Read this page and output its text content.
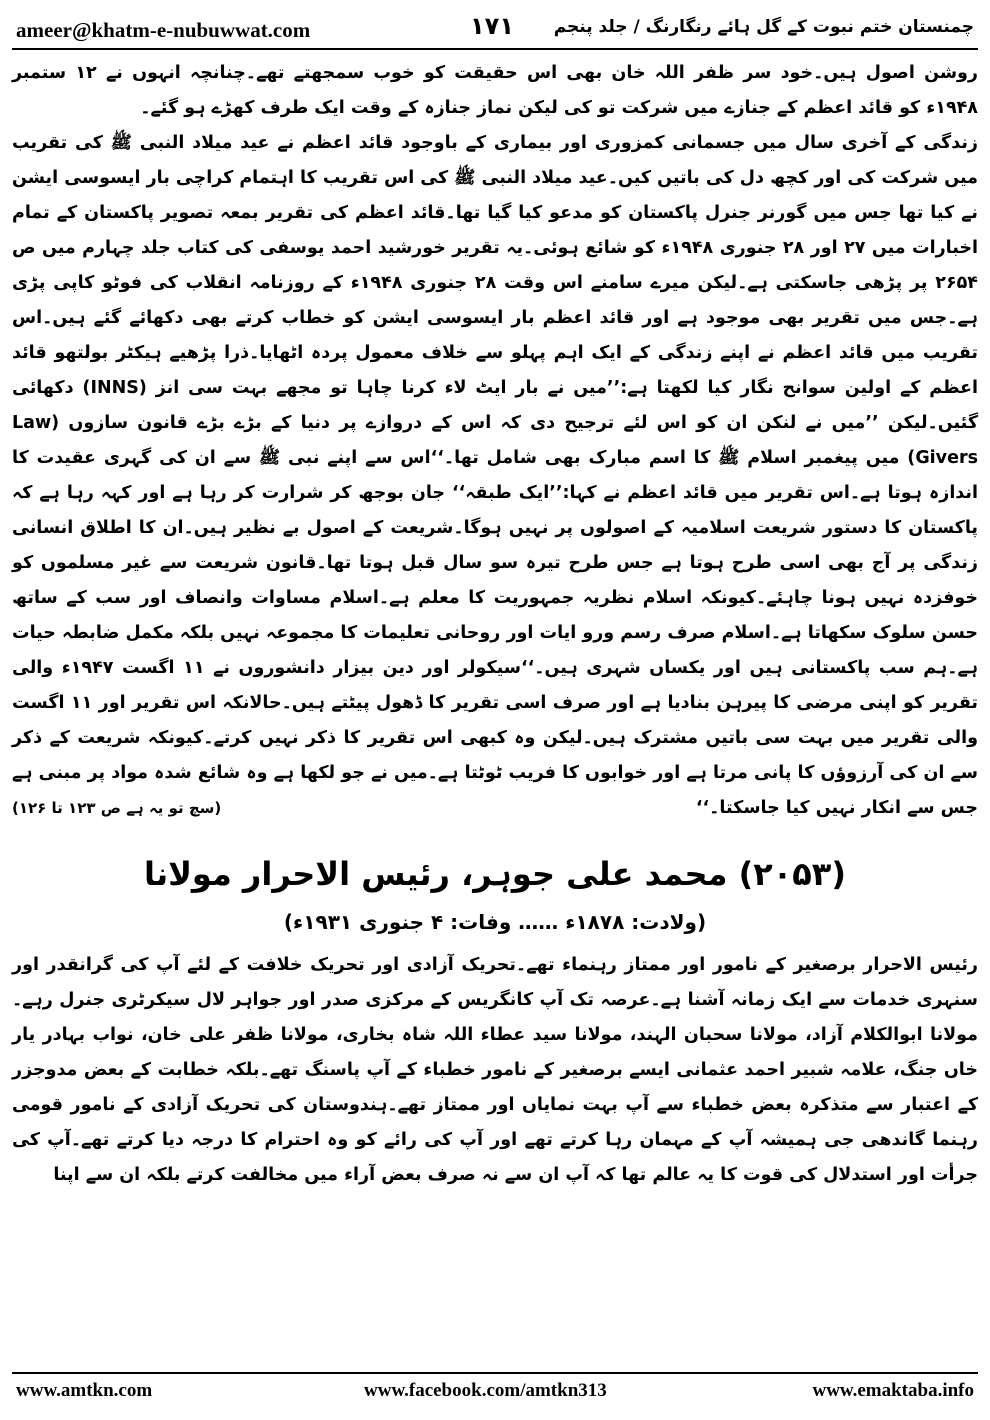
ameer@khatm-e-nubuwwat.com	۱۷۱	چمنستان ختم نبوت کے گل ہائے رنگارنگ / جلد پنجم

روشن اصول ہیں۔خود سر ظفر اللہ خان بھی اس حقیقت کو خوب سمجھتے تھے۔چنانچہ انہوں نے ۱۲ ستمبر ۱۹۴۸ء کو قائد اعظم کے جنازے میں شرکت تو کی لیکن نماز جنازہ کے وقت ایک طرف کھڑے ہو گئے۔

زندگی کے آخری سال میں جسمانی کمزوری اور بیماری کے باوجود قائد اعظم نے عید میلاد النبی ﷺ کی تقریب میں شرکت کی اور کچھ دل کی باتیں کیں۔عید میلاد النبی ﷺ کی اس تقریب کا اہتمام کراچی بار ایسوسی ایشن نے کیا تھا جس میں گورنر جنرل پاکستان کو مدعو کیا گیا تھا۔قائد اعظم کی تقریر بمعہ تصویر پاکستان کے تمام اخبارات میں ۲۷ اور ۲۸ جنوری ۱۹۴۸ء کو شائع ہوئی۔یہ تقریر خورشید احمد یوسفی کی کتاب جلد چہارم میں ص ۲۶۵۴ پر پڑھی جاسکتی ہے۔لیکن میرے سامنے اس وقت ۲۸ جنوری ۱۹۴۸ء کے روزنامہ انقلاب کی فوٹو کاپی پڑی ہے۔جس میں تقریر بھی موجود ہے اور قائد اعظم بار ایسوسی ایشن کو خطاب کرتے بھی دکھائے گئے ہیں۔اس تقریب میں قائد اعظم نے اپنے زندگی کے ایک اہم پہلو سے خلاف معمول پردہ اٹھایا۔ذرا پڑھیے ہیکٹر بولتھو قائد اعظم کے اولین سوانح نگار کیا لکھتا ہے:’’میں نے بار ایٹ لاء کرنا چاہا تو مجھے بہت سی انز (INNS) دکھائی گئیں۔لیکن ’’میں نے لنکن ان کو اس لئے ترجیح دی کہ اس کے دروازے پر دنیا کے بڑے بڑے قانون سازوں (Law Givers) میں پیغمبر اسلام ﷺ کا اسم مبارک بھی شامل تھا۔‘‘اس سے اپنے نبی ﷺ سے ان کی گہری عقیدت کا اندازہ ہوتا ہے۔اس تقریر میں قائد اعظم نے کہا:’’ایک طبقہ‘‘ جان بوجھ کر شرارت کر رہا ہے اور کہہ رہا ہے کہ پاکستان کا دستور شریعت اسلامیہ کے اصولوں پر نہیں ہوگا۔شریعت کے اصول بے نظیر ہیں۔ان کا اطلاق انسانی زندگی پر آج بھی اسی طرح ہوتا ہے جس طرح تیرہ سو سال قبل ہوتا تھا۔قانون شریعت سے غیر مسلموں کو خوفزدہ نہیں ہونا چاہئے۔کیونکہ اسلام نظریہ جمہوریت کا معلم ہے۔اسلام مساوات وانصاف اور سب کے ساتھ حسن سلوک سکھاتا ہے۔اسلام صرف رسم ورو ایات اور روحانی تعلیمات کا مجموعہ نہیں بلکہ مکمل ضابطہ حیات ہے۔ہم سب پاکستانی ہیں اور یکساں شہری ہیں۔‘‘سیکولر اور دین بیزار دانشوروں نے ۱۱ اگست ۱۹۴۷ء والی تقریر کو اپنی مرضی کا پیرہن بنادیا ہے اور صرف اسی تقریر کا ڈھول پیٹتے ہیں۔حالانکہ اس تقریر اور ۱۱ اگست والی تقریر میں بہت سی باتیں مشترک ہیں۔لیکن وہ کبھی اس تقریر کا ذکر نہیں کرتے۔کیونکہ شریعت کے ذکر سے ان کی آرزوؤں کا پانی مرتا ہے اور خوابوں کا فریب ٹوٹتا ہے۔میں نے جو لکھا ہے وہ شائع شدہ مواد پر مبنی ہے جس سے انکار نہیں کیا جاسکتا۔‘‘
(سچ تو یہ ہے ص ۱۲۳ تا ۱۲۶)

(۲۰۵۳) محمد علی جوہر، رئیس الاحرار مولانا
(ولادت: ۱۸۷۸ء …… وفات: ۴ جنوری ۱۹۳۱ء)

رئیس الاحرار برصغیر کے نامور اور ممتاز رہنماء تھے۔تحریک آزادی اور تحریک خلافت کے لئے آپ کی گرانقدر اور سنہری خدمات سے ایک زمانہ آشنا ہے۔عرصہ تک آپ کانگریس کے مرکزی صدر اور جواہر لال سیکرٹری جنرل رہے۔مولانا ابوالکلام آزاد، مولانا سحبان الہند، مولانا سید عطاء اللہ شاہ بخاری، مولانا ظفر علی خان، نواب بہادر یار خاں جنگ، علامہ شبیر احمد عثمانی ایسے برصغیر کے نامور خطباء کے آپ پاسنگ تھے۔بلکہ خطابت کے بعض مدوجزر کے اعتبار سے متذکرہ بعض خطباء سے آپ بہت نمایاں اور ممتاز تھے۔ہندوستان کی تحریک آزادی کے نامور قومی رہنما گاندھی جی ہمیشہ آپ کے مہمان رہا کرتے تھے اور آپ کی رائے کو وہ احترام کا درجہ دیا کرتے تھے۔آپ کی جرأت اور استدلال کی قوت کا یہ عالم تھا کہ آپ ان سے نہ صرف بعض آراء میں مخالفت کرتے بلکہ ان سے اپنا

www.amtkn.com	www.facebook.com/amtkn313	www.emaktaba.info
